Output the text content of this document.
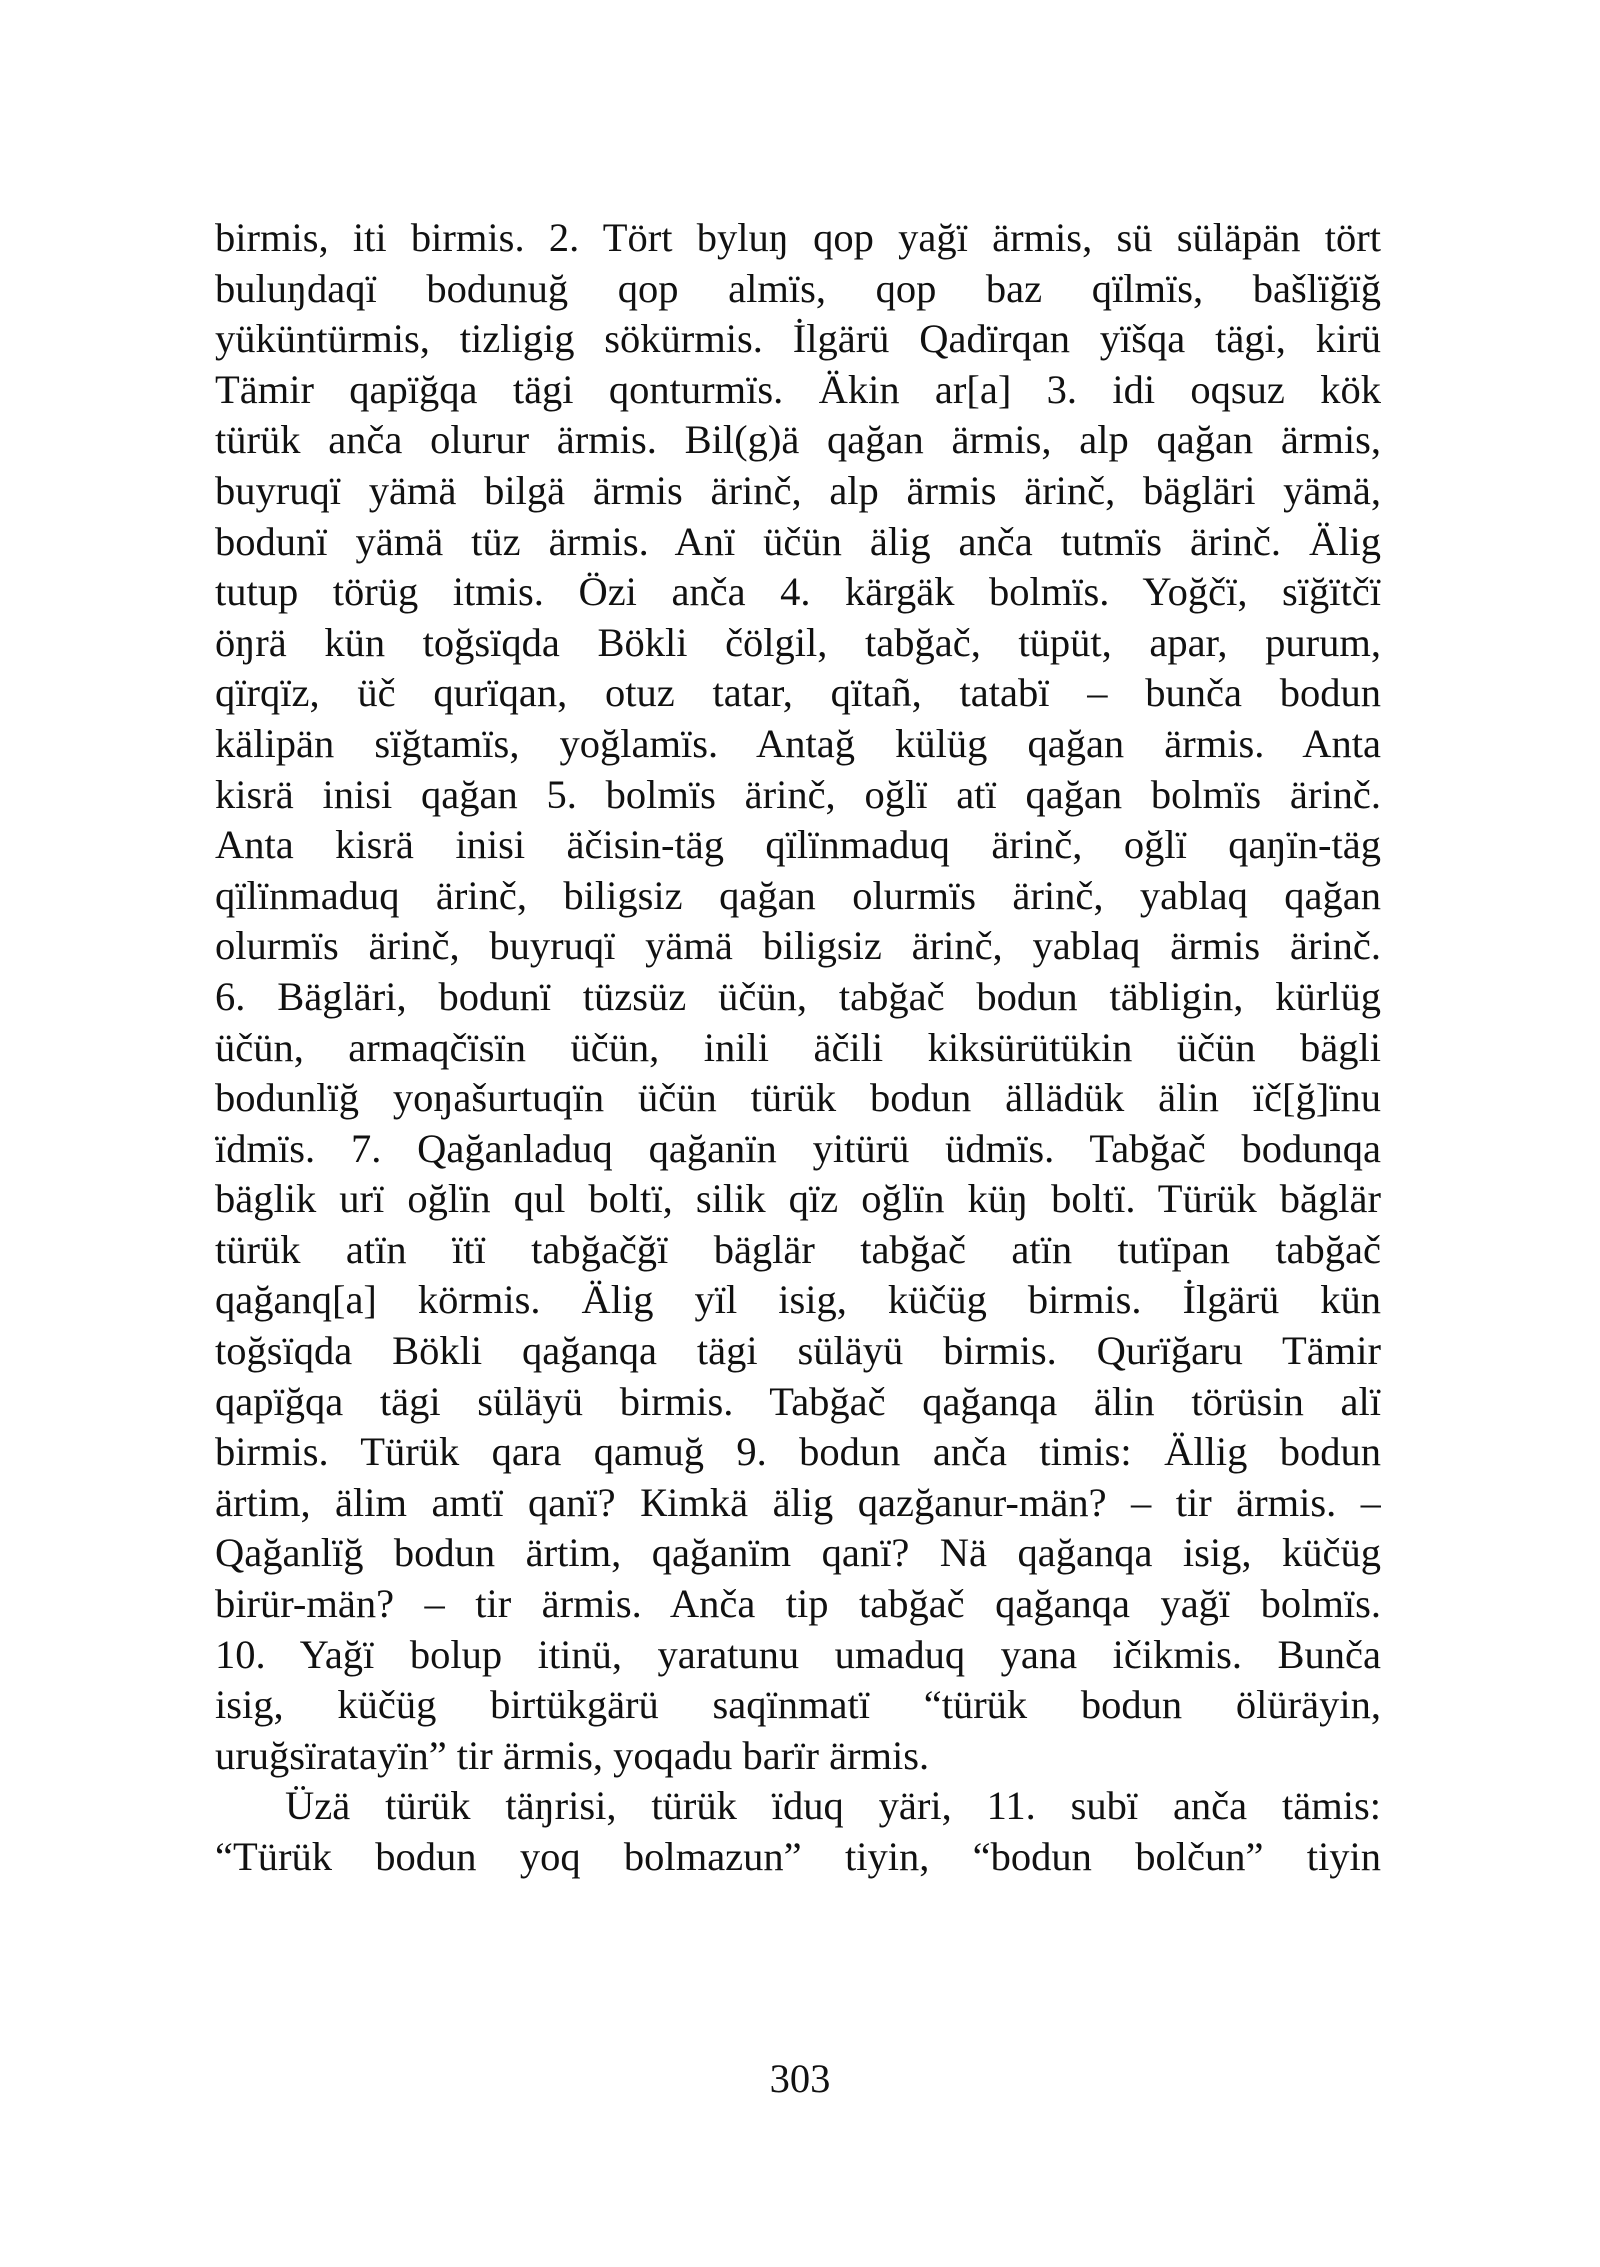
birmis, iti birmis. 2. Tört byluŋ qop yağï ärmis, sü süläpän tört
buluŋdaqï bodunuğ qop almïs, qop baz qïlmïs, bašlïğïğ
yüküntürmis, tizligig sökürmis. İlgärü Qadïrqan yïšqa tägi, kirü
Tämir qapïğqa tägi qonturmïs. Äkin ar[a] 3. idi oqsuz kök
türük anča olurur ärmis. Bil(g)ä qağan ärmis, alp qağan ärmis,
buyruqï yämä bilgä ärmis ärinč, alp ärmis ärinč, bägläri yämä,
bodunï yämä tüz ärmis. Anï üčün älig anča tutmïs ärinč. Älig
tutup törüg itmis. Özi anča 4. kärgäk bolmïs. Yoğčï, sïğïtčï
öŋrä kün toğsïqda Bökli čölgil, tabğač, tüpüt, apar, purum,
qïrqïz, üč qurïqan, otuz tatar, qïtañ, tatabï – bunča bodun
kälipän sïğtamïs, yoğlamïs. Antağ külüg qağan ärmis. Anta
kisrä inisi qağan 5. bolmïs ärinč, oğlï atï qağan bolmïs ärinč.
Anta kisrä inisi äčisin-täg qïlïnmaduq ärinč, oğlï qaŋïn-täg
qïlïnmaduq ärinč, biligsiz qağan olurmïs ärinč, yablaq qağan
olurmïs ärinč, buyruqï yämä biligsiz ärinč, yablaq ärmis ärinč.
6. Bägläri, bodunï tüzsüz üčün, tabğač bodun täbligin, kürlüg
üčün, armaqčïsïn üčün, inili äčili kiksürütükin üčün bägli
bodunlïğ yoŋašurtuqïn üčün türük bodun ällädük älin ïč[ğ]ïnu
ïdmïs. 7. Qağanladuq qağanïn yitürü üdmïs. Tabğač bodunqa
bäglik urï oğlïn qul boltï, silik qïz oğlïn küŋ boltï. Türük băglär
türük atïn ïtï tabğačğï bäglär tabğač atïn tutïpan tabğač
qağanq[a] körmis. Älig yïl isig, küčüg birmis. İlgärü kün
toğsïqda Bökli qağanqa tägi süläyü birmis. Qurïğaru Tämir
qapïğqa tägi süläyü birmis. Tabğač qağanqa älin törüsin alï
birmis. Türük qara qamuğ 9. bodun anča timis: Ällig bodun
ärtim, älim amtï qanï? Кimkä älig qazğanur-män? – tir ärmis. –
Qağanlïğ bodun ärtim, qağanïm qanï? Nä qağanqa isig, küčüg
birür-män? – tir ärmis. Anča tip tabğač qağanqa yağï bolmïs.
10. Yağï bolup itinü, yaratunu umaduq yana ičikmis. Bunča
isig, küčüg birtükgärü saqïnmatï “türük bodun ölüräyin,
uruğsïratayïn” tir ärmis, yoqadu barïr ärmis.
Üzä türük täŋrisi, türük ïduq yäri, 11. subï anča tämis:
“Türük bodun yoq bolmazun” tiyin, “bodun bolčun” tiyin
303
